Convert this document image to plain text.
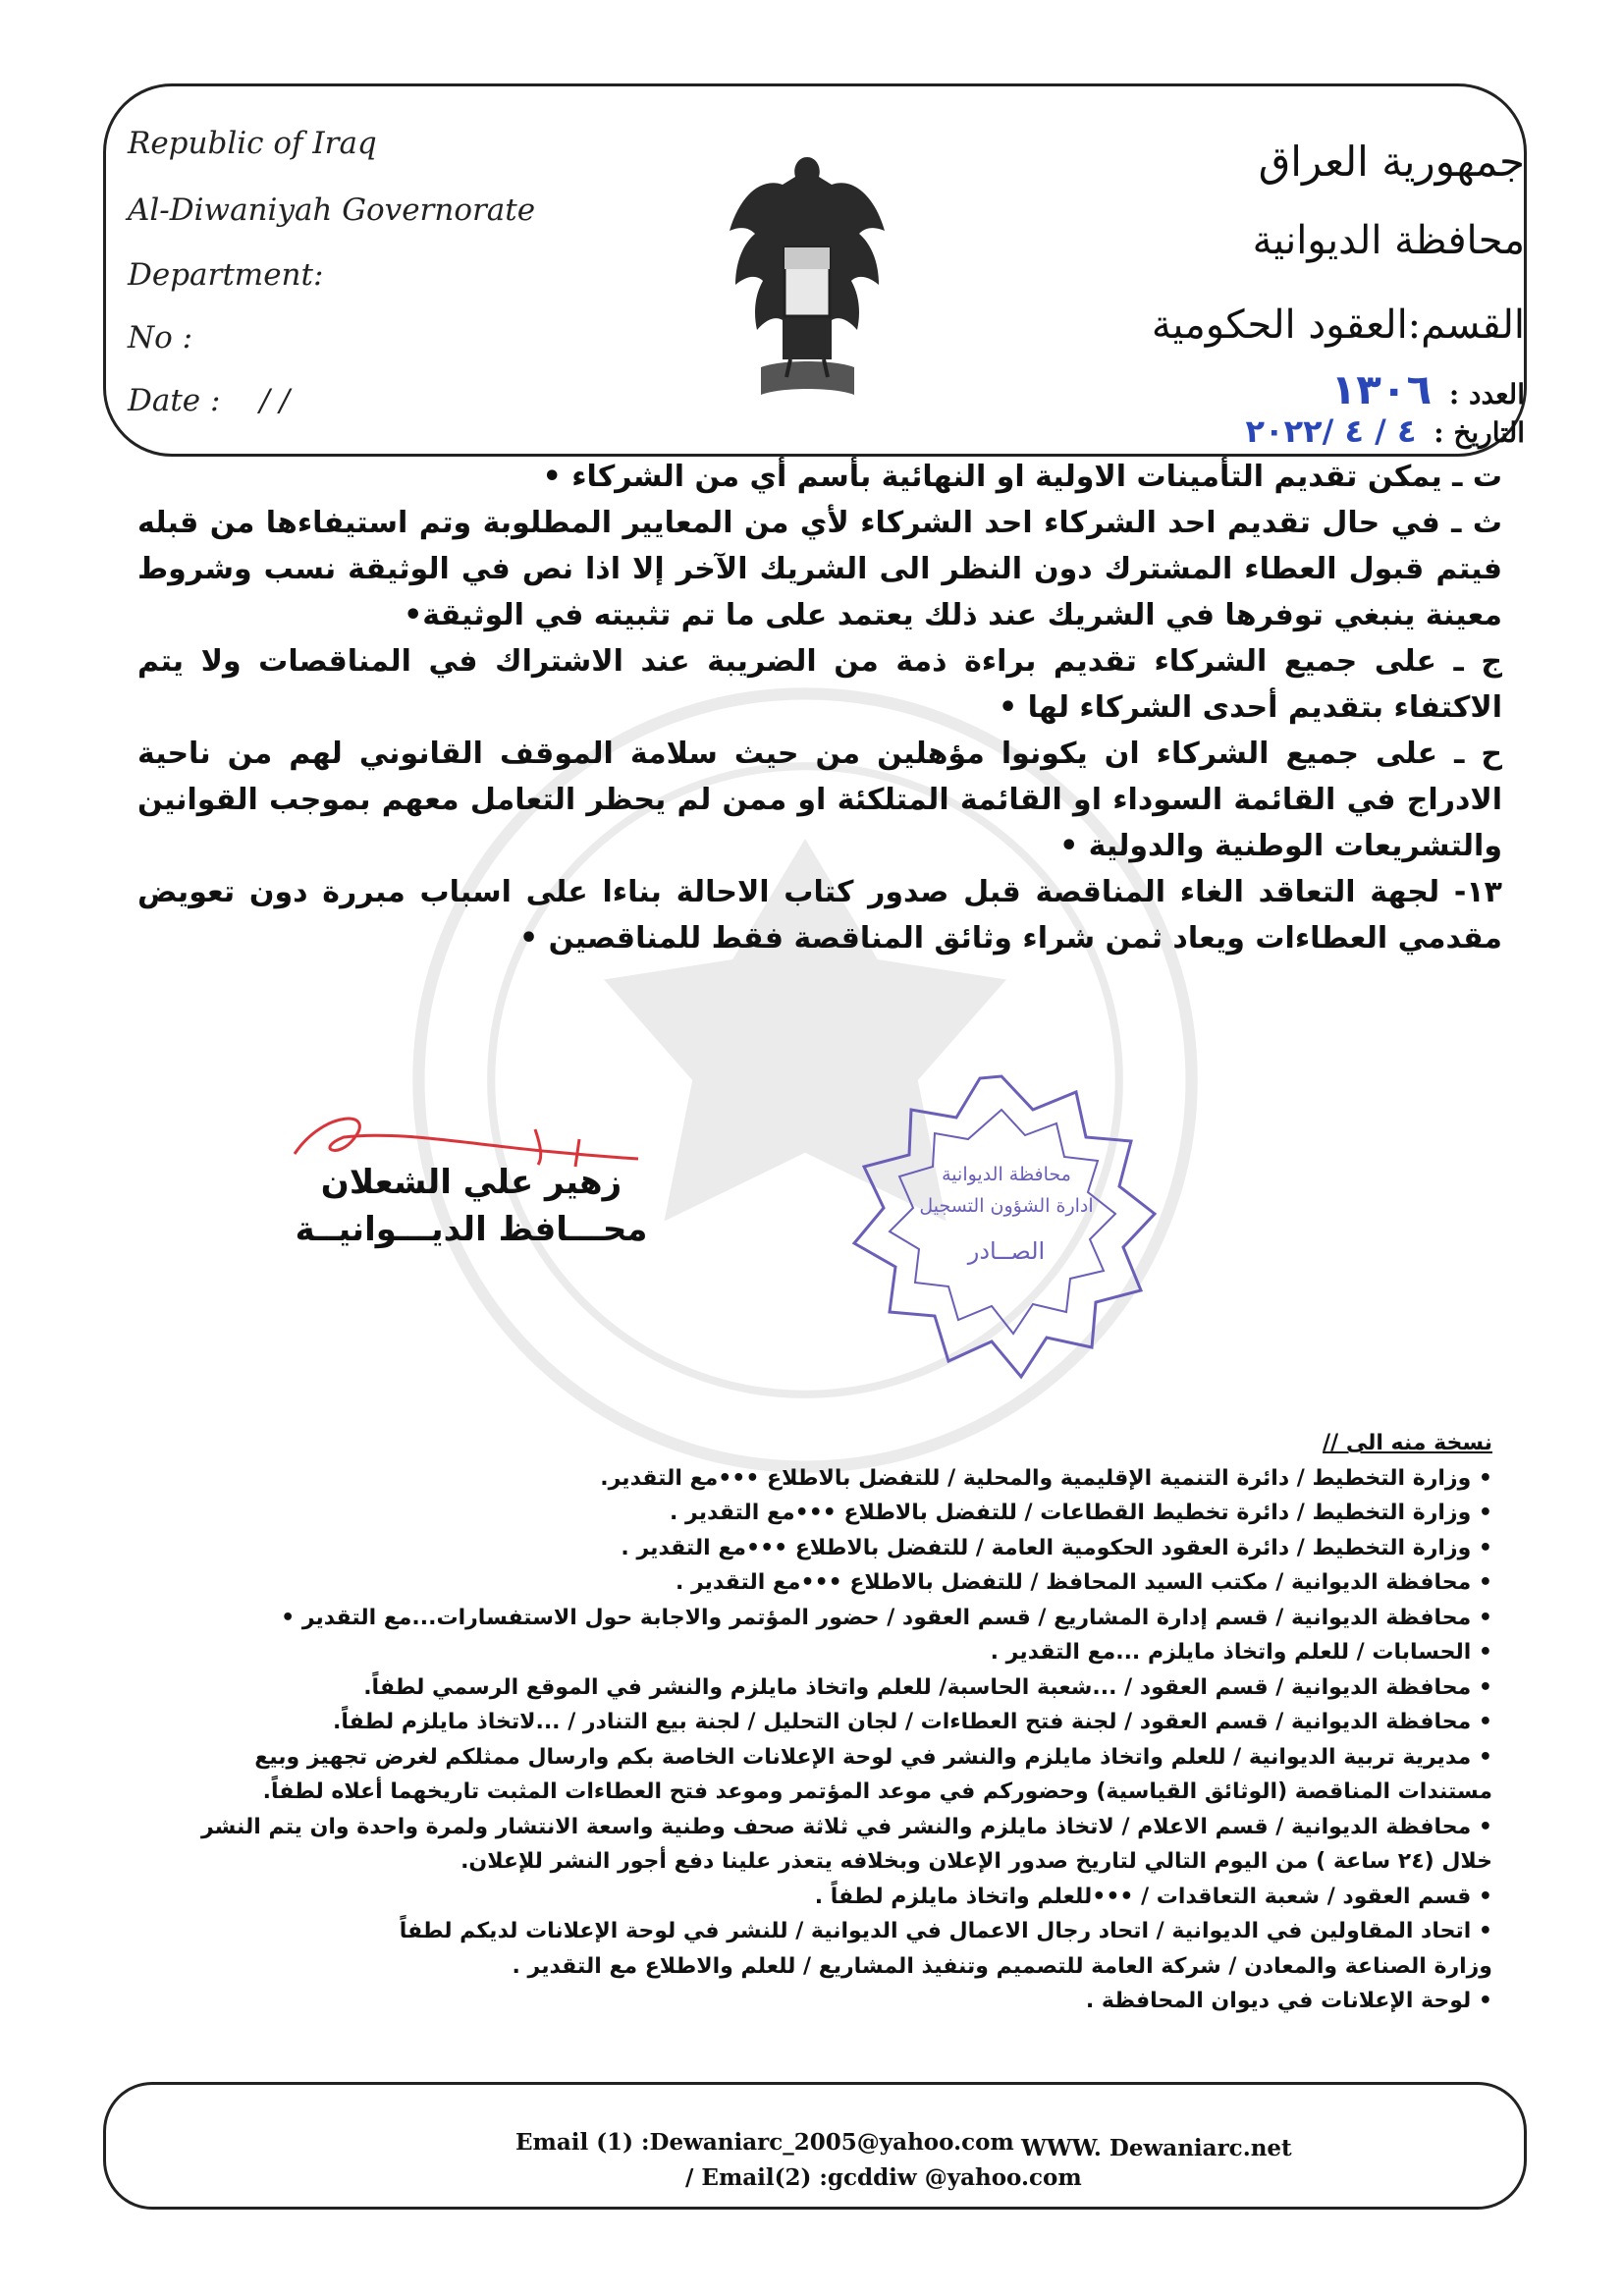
Republic of Iraq
Al-Diwaniyah Governorate
Department:
No :
Date : / /
جمهورية العراق
محافظة الديوانية
القسم:العقود الحكومية
العدد : ١٣٠٦
التاريخ : ٤ / ٤ /٢٠٢٢

ت ـ يمكن تقديم التأمينات الاولية او النهائية بأسم أي من الشركاء •

ث ـ في حال تقديم احد الشركاء احد الشركاء لأي من المعايير المطلوبة وتم استيفاءها من قبله فيتم قبول العطاء المشترك دون النظر الى الشريك الآخر إلا اذا نص في الوثيقة نسب وشروط معينة ينبغي توفرها في الشريك عند ذلك يعتمد على ما تم تثبيته في الوثيقة•

ج ـ على جميع الشركاء تقديم براءة ذمة من الضريبة عند الاشتراك في المناقصات ولا يتم الاكتفاء بتقديم أحدى الشركاء لها •

ح ـ على جميع الشركاء ان يكونوا مؤهلين من حيث سلامة الموقف القانوني لهم من ناحية الادراج في القائمة السوداء او القائمة المتلكئة او ممن لم يحظر التعامل معهم بموجب القوانين والتشريعات الوطنية والدولية •

١٣- لجهة التعاقد الغاء المناقصة قبل صدور كتاب الاحالة بناءا على اسباب مبررة دون تعويض مقدمي العطاءات ويعاد ثمن شراء وثائق المناقصة فقط للمناقصين •

زهير علي الشعلان
محـــافظ الديـــوانيــة
محافظة الديوانية
ادارة الشؤون التسجيل
الصــادر
نسخة منه الى //
• وزارة التخطيط / دائرة التنمية الإقليمية والمحلية / للتفضل بالاطلاع •••مع التقدير.
• وزارة التخطيط / دائرة تخطيط القطاعات / للتفضل بالاطلاع •••مع التقدير .
• وزارة التخطيط / دائرة العقود الحكومية العامة / للتفضل بالاطلاع •••مع التقدير .
• محافظة الديوانية / مكتب السيد المحافظ / للتفضل بالاطلاع •••مع التقدير .
• محافظة الديوانية / قسم إدارة المشاريع / قسم العقود / حضور المؤتمر والاجابة حول الاستفسارات...مع التقدير •
• الحسابات / للعلم واتخاذ مايلزم ...مع التقدير .
• محافظة الديوانية / قسم العقود / ...شعبة الحاسبة/ للعلم واتخاذ مايلزم والنشر في الموقع الرسمي لطفاً.
• محافظة الديوانية / قسم العقود / لجنة فتح العطاءات / لجان التحليل / لجنة بيع التنادر / ...لاتخاذ مايلزم لطفاً.
• مديرية تربية الديوانية / للعلم واتخاذ مايلزم والنشر في لوحة الإعلانات الخاصة بكم وارسال ممثلكم لغرض تجهيز وبيع
مستندات المناقصة (الوثائق القياسية) وحضوركم في موعد المؤتمر وموعد فتح العطاءات المثبت تاريخهما أعلاه لطفاً.
• محافظة الديوانية / قسم الاعلام / لاتخاذ مايلزم والنشر في ثلاثة صحف وطنية واسعة الانتشار ولمرة واحدة وان يتم النشر
خلال (٢٤ ساعة ) من اليوم التالي لتاريخ صدور الإعلان وبخلافه يتعذر علينا دفع أجور النشر للإعلان.
• قسم العقود / شعبة التعاقدات / •••للعلم واتخاذ مايلزم لطفاً .
• اتحاد المقاولين في الديوانية / اتحاد رجال الاعمال في الديوانية / للنشر في لوحة الإعلانات لديكم لطفاً
وزارة الصناعة والمعادن / شركة العامة للتصميم وتنفيذ المشاريع / للعلم والاطلاع مع التقدير .
• لوحة الإعلانات في ديوان المحافظة .
Email (1) :Dewaniarc_2005@yahoo.com WWW. Dewaniarc.net
/ Email(2) :gcddiw @yahoo.com
